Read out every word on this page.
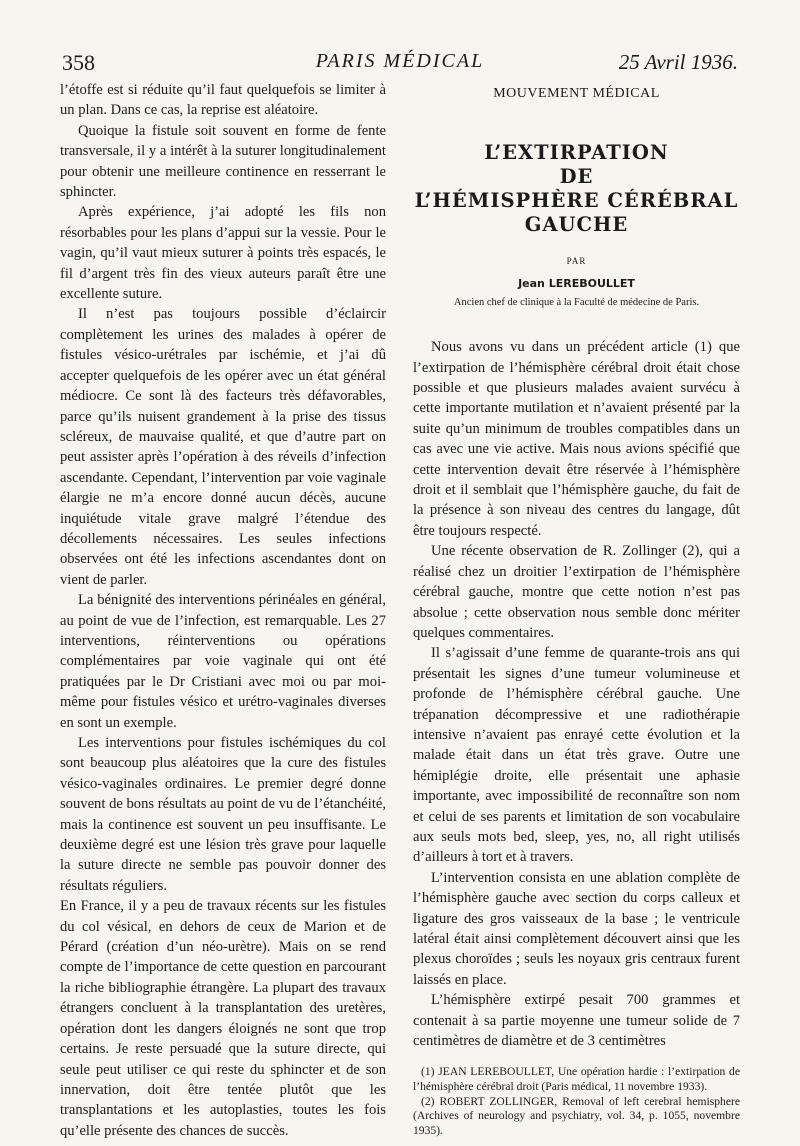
358	PARIS MÉDICAL	25 Avril 1936.

l’étoffe est si réduite qu’il faut quelquefois se limiter à un plan. Dans ce cas, la reprise est aléatoire.

Quoique la fistule soit souvent en forme de fente transversale, il y a intérêt à la suturer longitudinalement pour obtenir une meilleure continence en resserrant le sphincter.

Après expérience, j’ai adopté les fils non résorbables pour les plans d’appui sur la vessie. Pour le vagin, qu’il vaut mieux suturer à points très espacés, le fil d’argent très fin des vieux auteurs paraît être une excellente suture.

Il n’est pas toujours possible d’éclaircir complètement les urines des malades à opérer de fistules vésico-urétrales par ischémie, et j’ai dû accepter quelquefois de les opérer avec un état général médiocre. Ce sont là des facteurs très défavorables, parce qu’ils nuisent grandement à la prise des tissus scléreux, de mauvaise qualité, et que d’autre part on peut assister après l’opération à des réveils d’infection ascendante. Cependant, l’intervention par voie vaginale élargie ne m’a encore donné aucun décès, aucune inquiétude vitale grave malgré l’étendue des décollements nécessaires. Les seules infections observées ont été les infections ascendantes dont on vient de parler.

La bénignité des interventions périnéales en général, au point de vue de l’infection, est remarquable. Les 27 interventions, réinterventions ou opérations complémentaires par voie vaginale qui ont été pratiquées par le Dr Cristiani avec moi ou par moi-même pour fistules vésico et urétro-vaginales diverses en sont un exemple.

Les interventions pour fistules ischémiques du col sont beaucoup plus aléatoires que la cure des fistules vésico-vaginales ordinaires. Le premier degré donne souvent de bons résultats au point de vu de l’étanchéité, mais la continence est souvent un peu insuffisante. Le deuxième degré est une lésion très grave pour laquelle la suture directe ne semble pas pouvoir donner des résultats réguliers.

En France, il y a peu de travaux récents sur les fistules du col vésical, en dehors de ceux de Marion et de Pérard (création d’un néo-urètre). Mais on se rend compte de l’importance de cette question en parcourant la riche bibliographie étrangère. La plupart des travaux étrangers concluent à la transplantation des uretères, opération dont les dangers éloignés ne sont que trop certains. Je reste persuadé que la suture directe, qui seule peut utiliser ce qui reste du sphincter et de son innervation, doit être tentée plutôt que les transplantations et les autoplasties, toutes les fois qu’elle présente des chances de succès.

MOUVEMENT MÉDICAL
L’EXTIRPATION
DE
L’HÉMISPHÈRE CÉRÉBRAL
GAUCHE
PAR
Jean LEREBOULLET
Ancien chef de clinique à la Faculté de médecine de Paris.

Nous avons vu dans un précédent article (1) que l’extirpation de l’hémisphère cérébral droit était chose possible et que plusieurs malades avaient survécu à cette importante mutilation et n’avaient présenté par la suite qu’un minimum de troubles compatibles dans un cas avec une vie active. Mais nous avions spécifié que cette intervention devait être réservée à l’hémisphère droit et il semblait que l’hémisphère gauche, du fait de la présence à son niveau des centres du langage, dût être toujours respecté.

Une récente observation de R. Zollinger (2), qui a réalisé chez un droitier l’extirpation de l’hémisphère cérébral gauche, montre que cette notion n’est pas absolue ; cette observation nous semble donc mériter quelques commentaires.

Il s’agissait d’une femme de quarante-trois ans qui présentait les signes d’une tumeur volumineuse et profonde de l’hémisphère cérébral gauche. Une trépanation décompressive et une radiothérapie intensive n’avaient pas enrayé cette évolution et la malade était dans un état très grave. Outre une hémiplégie droite, elle présentait une aphasie importante, avec impossibilité de reconnaître son nom et celui de ses parents et limitation de son vocabulaire aux seuls mots bed, sleep, yes, no, all right utilisés d’ailleurs à tort et à travers.

L’intervention consista en une ablation complète de l’hémisphère gauche avec section du corps calleux et ligature des gros vaisseaux de la base ; le ventricule latéral était ainsi complètement découvert ainsi que les plexus choroïdes ; seuls les noyaux gris centraux furent laissés en place.

L’hémisphère extirpé pesait 700 grammes et contenait à sa partie moyenne une tumeur solide de 7 centimètres de diamètre et de 3 centimètres

(1) JEAN LEREBOULLET, Une opération hardie : l’extirpation de l’hémisphère cérébral droit (Paris médical, 11 novembre 1933).

(2) ROBERT ZOLLINGER, Removal of left cerebral hemisphere (Archives of neurology and psychiatry, vol. 34, p. 1055, novembre 1935).
